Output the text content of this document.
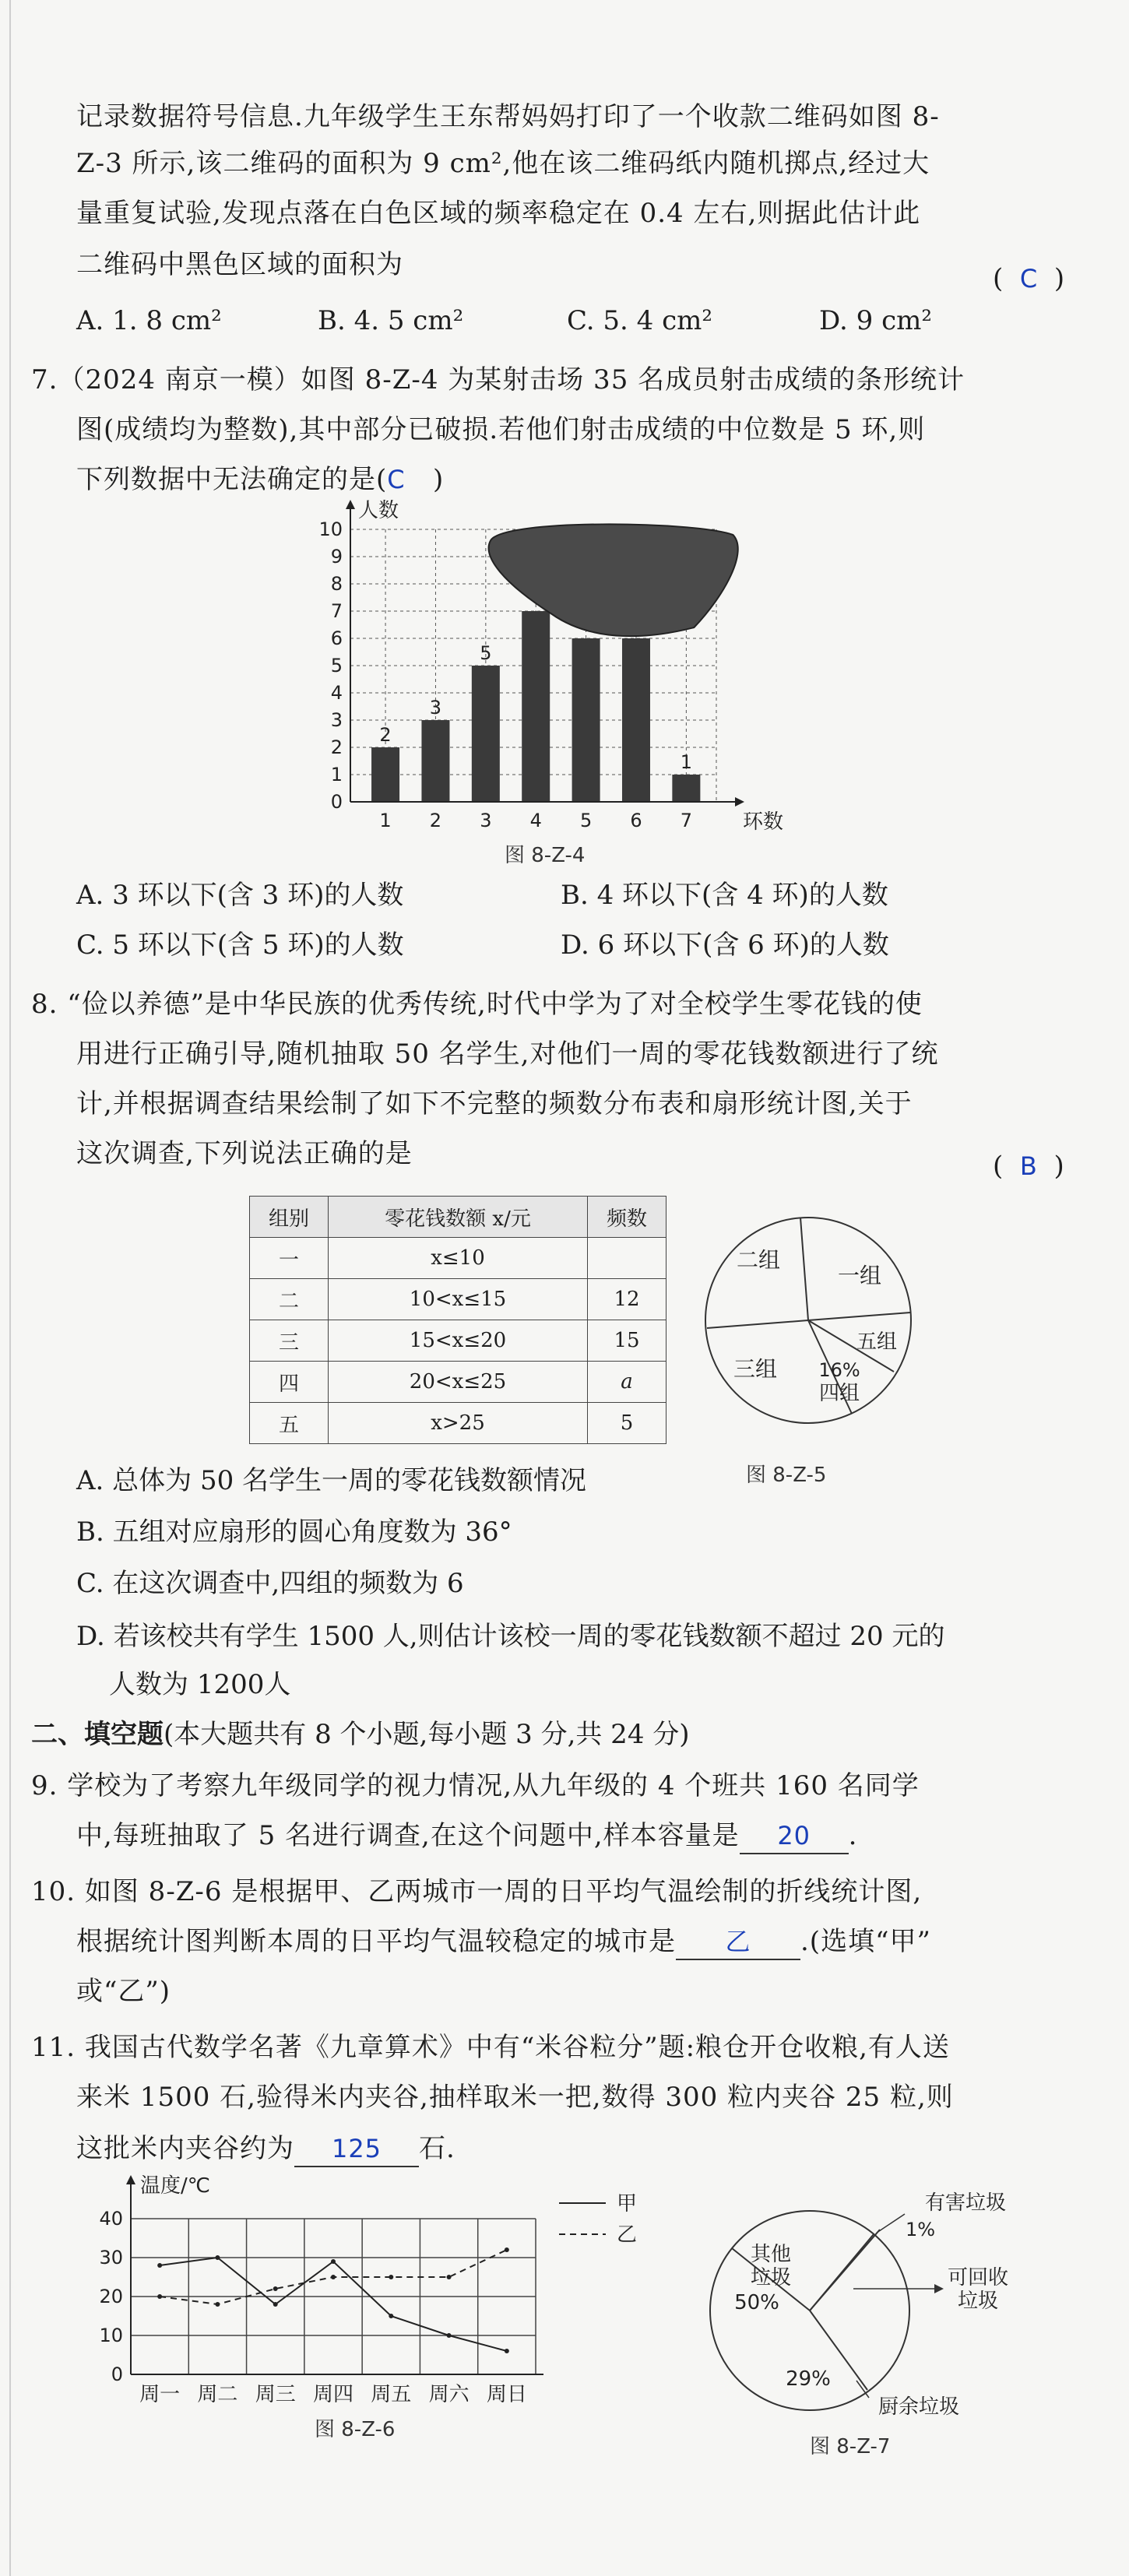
记录数据符号信息.九年级学生王东帮妈妈打印了一个收款二维码如图 8-
Z-3 所示,该二维码的面积为 9 cm²,他在该二维码纸内随机掷点,经过大
量重复试验,发现点落在白色区域的频率稳定在 0.4 左右,则据此估计此
二维码中黑色区域的面积为	( C )
A. 1. 8 cm²	B. 4. 5 cm²	C. 5. 4 cm²	D. 9 cm²
7.（2024 南京一模）如图 8-Z-4 为某射击场 35 名成员射击成绩的条形统计
图(成绩均为整数),其中部分已破损.若他们射击成绩的中位数是 5 环,则
下列数据中无法确定的是(C )
0
1
2
3
4
5
6
7
8
9
10
2
1
3
2
5
3 4 5 6
1
7
人数
环数
图 8-Z-4
A. 3 环以下(含 3 环)的人数	B. 4 环以下(含 4 环)的人数
C. 5 环以下(含 5 环)的人数	D. 6 环以下(含 6 环)的人数
8. “俭以养德”是中华民族的优秀传统,时代中学为了对全校学生零花钱的使
用进行正确引导,随机抽取 50 名学生,对他们一周的零花钱数额进行了统
计,并根据调查结果绘制了如下不完整的频数分布表和扇形统计图,关于
这次调查,下列说法正确的是	( B )
组别	零花钱数额 x/元	频数
一	x≤10	
二	10<x≤15	12
三	15<x≤20	15
四	20<x≤25	a
五	x>25	5
二组
一组
五组
16%
四组
三组
图 8-Z-5
A. 总体为 50 名学生一周的零花钱数额情况
B. 五组对应扇形的圆心角度数为 36°
C. 在这次调查中,四组的频数为 6
D. 若该校共有学生 1500 人,则估计该校一周的零花钱数额不超过 20 元的
人数为 1200人
二、填空题(本大题共有 8 个小题,每小题 3 分,共 24 分)
9. 学校为了考察九年级同学的视力情况,从九年级的 4 个班共 160 名同学
中,每班抽取了 5 名进行调查,在这个问题中,样本容量是 20 .
10. 如图 8-Z-6 是根据甲、乙两城市一周的日平均气温绘制的折线统计图,
根据统计图判断本周的日平均气温较稳定的城市是 乙 .(选填“甲”
或“乙”)
11. 我国古代数学名著《九章算术》中有“米谷粒分”题:粮仓开仓收粮,有人送
来米 1500 石,验得米内夹谷,抽样取米一把,数得 300 粒内夹谷 25 粒,则
这批米内夹谷约为 125 石.
0
10
20
30
40
周一 周二 周三 周四 周五 周六 周日
甲
乙
温度/℃
图 8-Z-6
其他
垃圾
50%
有害垃圾
1%
可回收
垃圾
29%
厨余垃圾
图 8-Z-7
